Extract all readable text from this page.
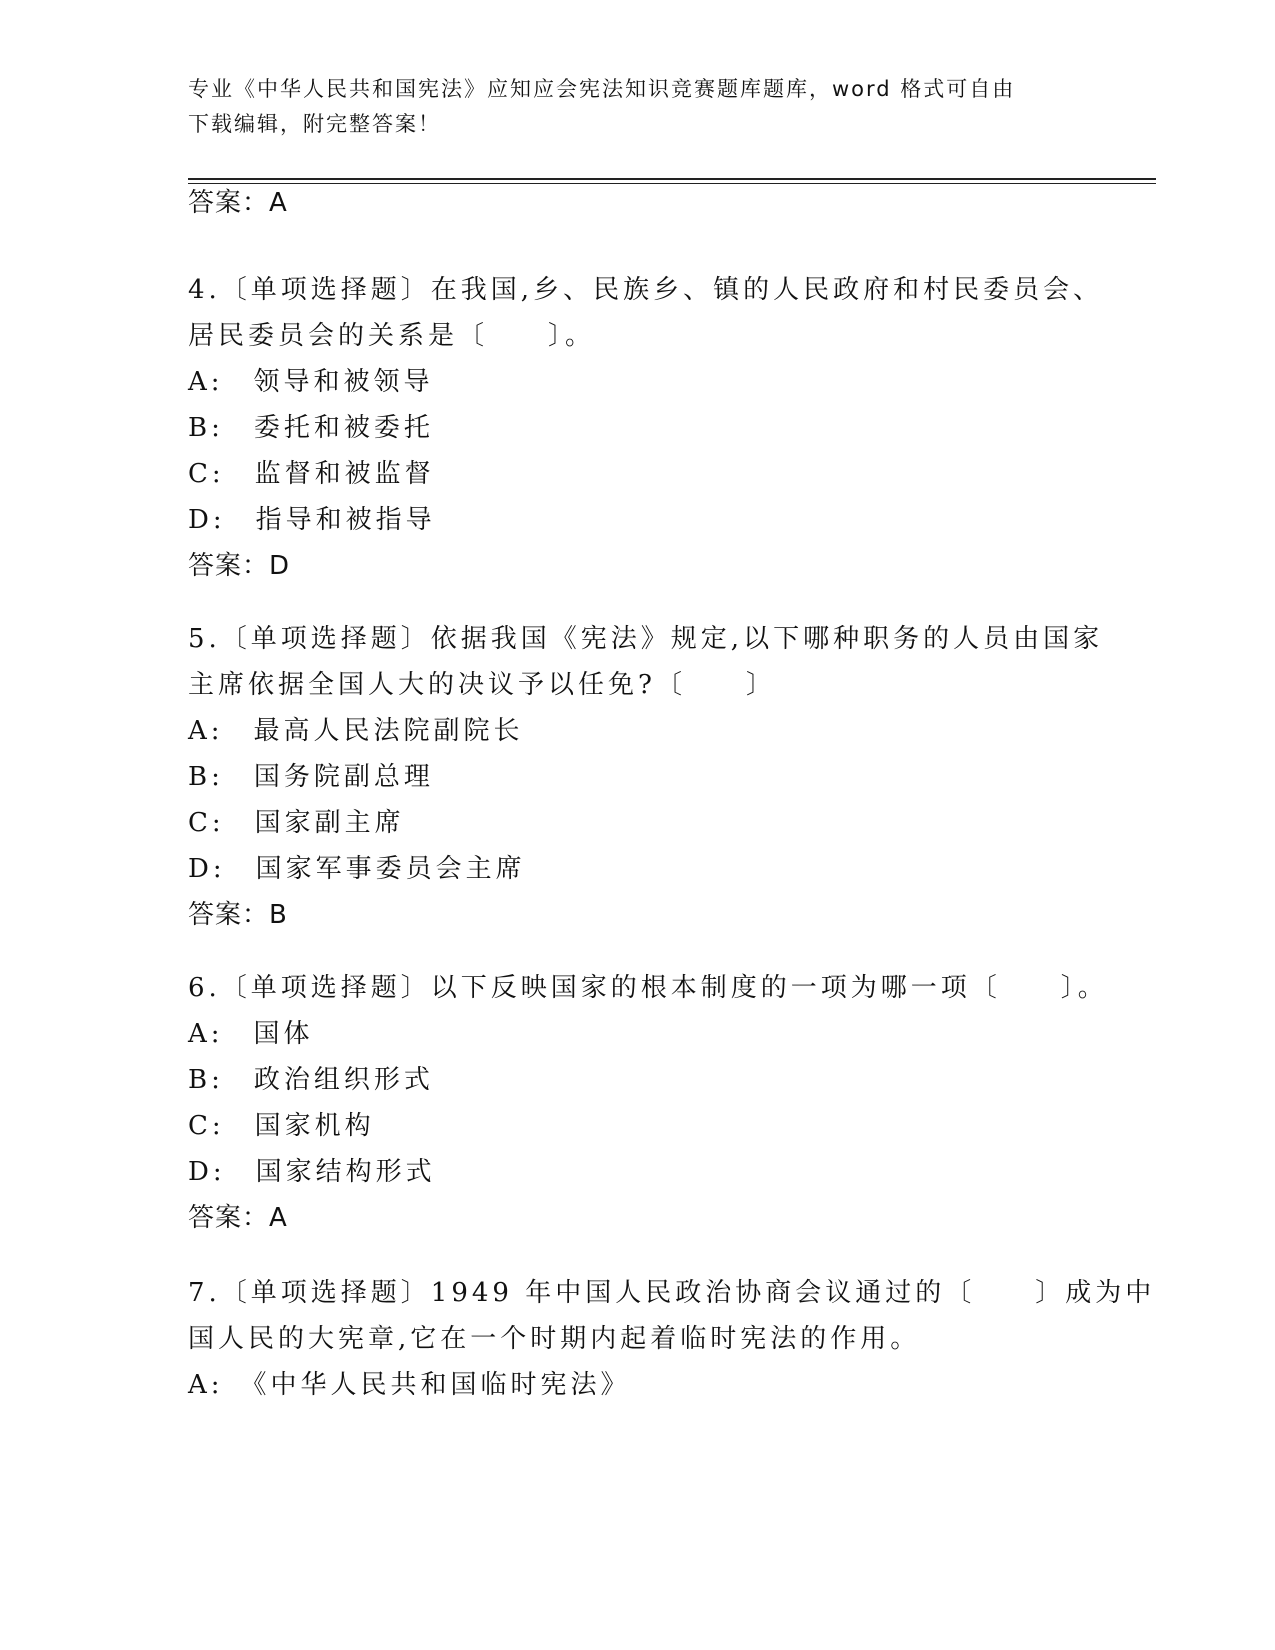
专业《中华人民共和国宪法》应知应会宪法知识竞赛题库题库，word 格式可自由
下载编辑，附完整答案！
答案：A
4.〔单项选择题〕在我国,乡、民族乡、镇的人民政府和村民委员会、
居民委员会的关系是〔　　〕。
A:　领导和被领导
B:　委托和被委托
C:　监督和被监督
D:　指导和被指导
答案：D
5.〔单项选择题〕依据我国《宪法》规定,以下哪种职务的人员由国家
主席依据全国人大的决议予以任免?〔　　〕
A:　最高人民法院副院长
B:　国务院副总理
C:　国家副主席
D:　国家军事委员会主席
答案：B
6.〔单项选择题〕以下反映国家的根本制度的一项为哪一项〔　　〕。
A:　国体
B:　政治组织形式
C:　国家机构
D:　国家结构形式
答案：A
7.〔单项选择题〕1949 年中国人民政治协商会议通过的〔　　〕成为中
国人民的大宪章,它在一个时期内起着临时宪法的作用。
A:　《中华人民共和国临时宪法》
